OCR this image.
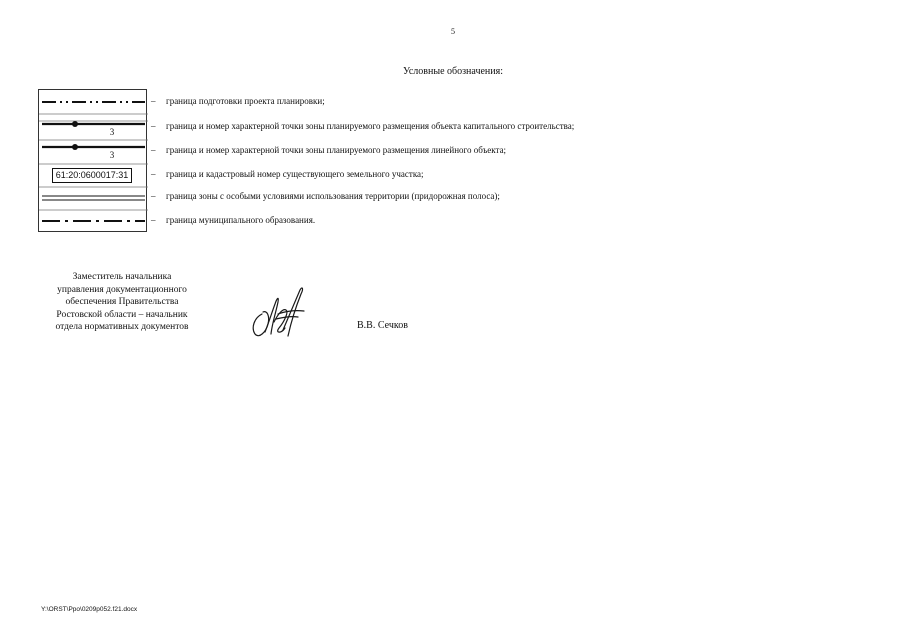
5
Условные обозначения:
3
3
61:20:0600017:31
–
–
–
–
–
–
граница подготовки проекта планировки;
граница и номер характерной точки зоны планируемого размещения объекта капитального строительства;
граница и номер характерной точки зоны планируемого размещения линейного объекта;
граница и кадастровый номер существующего земельного участка;
граница зоны с особыми условиями использования территории (придорожная полоса);
граница муниципального образования.
Заместитель начальника
управления документационного
обеспечения Правительства
Ростовской области – начальник
отдела нормативных документов	В.В. Сечков
Y:\ORST\Ppo\0209p052.f21.docx
